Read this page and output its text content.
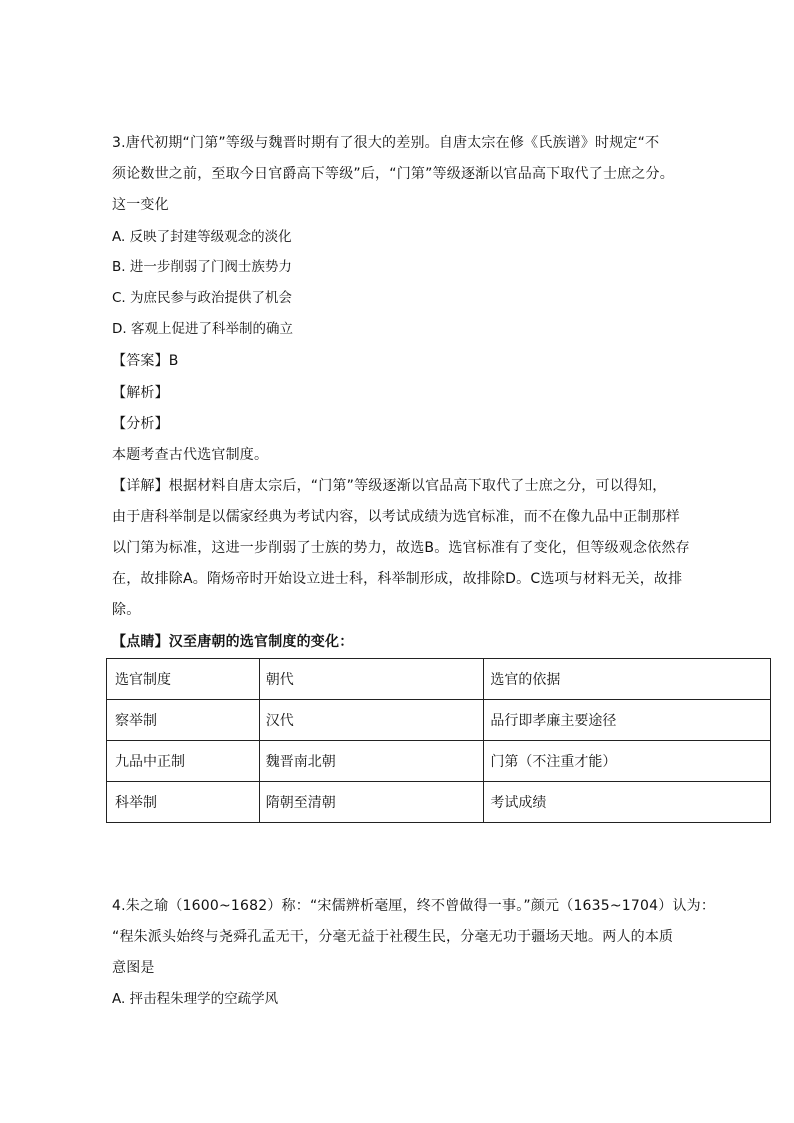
3.唐代初期“门第”等级与魏晋时期有了很大的差别。自唐太宗在修《氏族谱》时规定“不
须论数世之前，至取今日官爵高下等级”后，“门第”等级逐渐以官品高下取代了士庶之分。
这一变化
A. 反映了封建等级观念的淡化
B. 进一步削弱了门阀士族势力
C. 为庶民参与政治提供了机会
D. 客观上促进了科举制的确立
【答案】B
【解析】
【分析】
本题考查古代选官制度。
【详解】根据材料自唐太宗后，“门第”等级逐渐以官品高下取代了士庶之分，可以得知，
由于唐科举制是以儒家经典为考试内容，以考试成绩为选官标准，而不在像九品中正制那样
以门第为标准，这进一步削弱了士族的势力，故选B。选官标准有了变化，但等级观念依然存
在，故排除A。隋炀帝时开始设立进士科，科举制形成，故排除D。C选项与材料无关，故排
除。
【点睛】汉至唐朝的选官制度的变化：
选官制度	朝代	选官的依据
察举制	汉代	品行即孝廉主要途径
九品中正制	魏晋南北朝	门第（不注重才能）
科举制	隋朝至清朝	考试成绩
4.朱之瑜（1600~1682）称：“宋儒辨析毫厘，终不曾做得一事。”颜元（1635~1704）认为：
“程朱派头始终与尧舜孔孟无干，分毫无益于社稷生民，分毫无功于疆场天地。两人的本质
意图是
A. 抨击程朱理学的空疏学风
